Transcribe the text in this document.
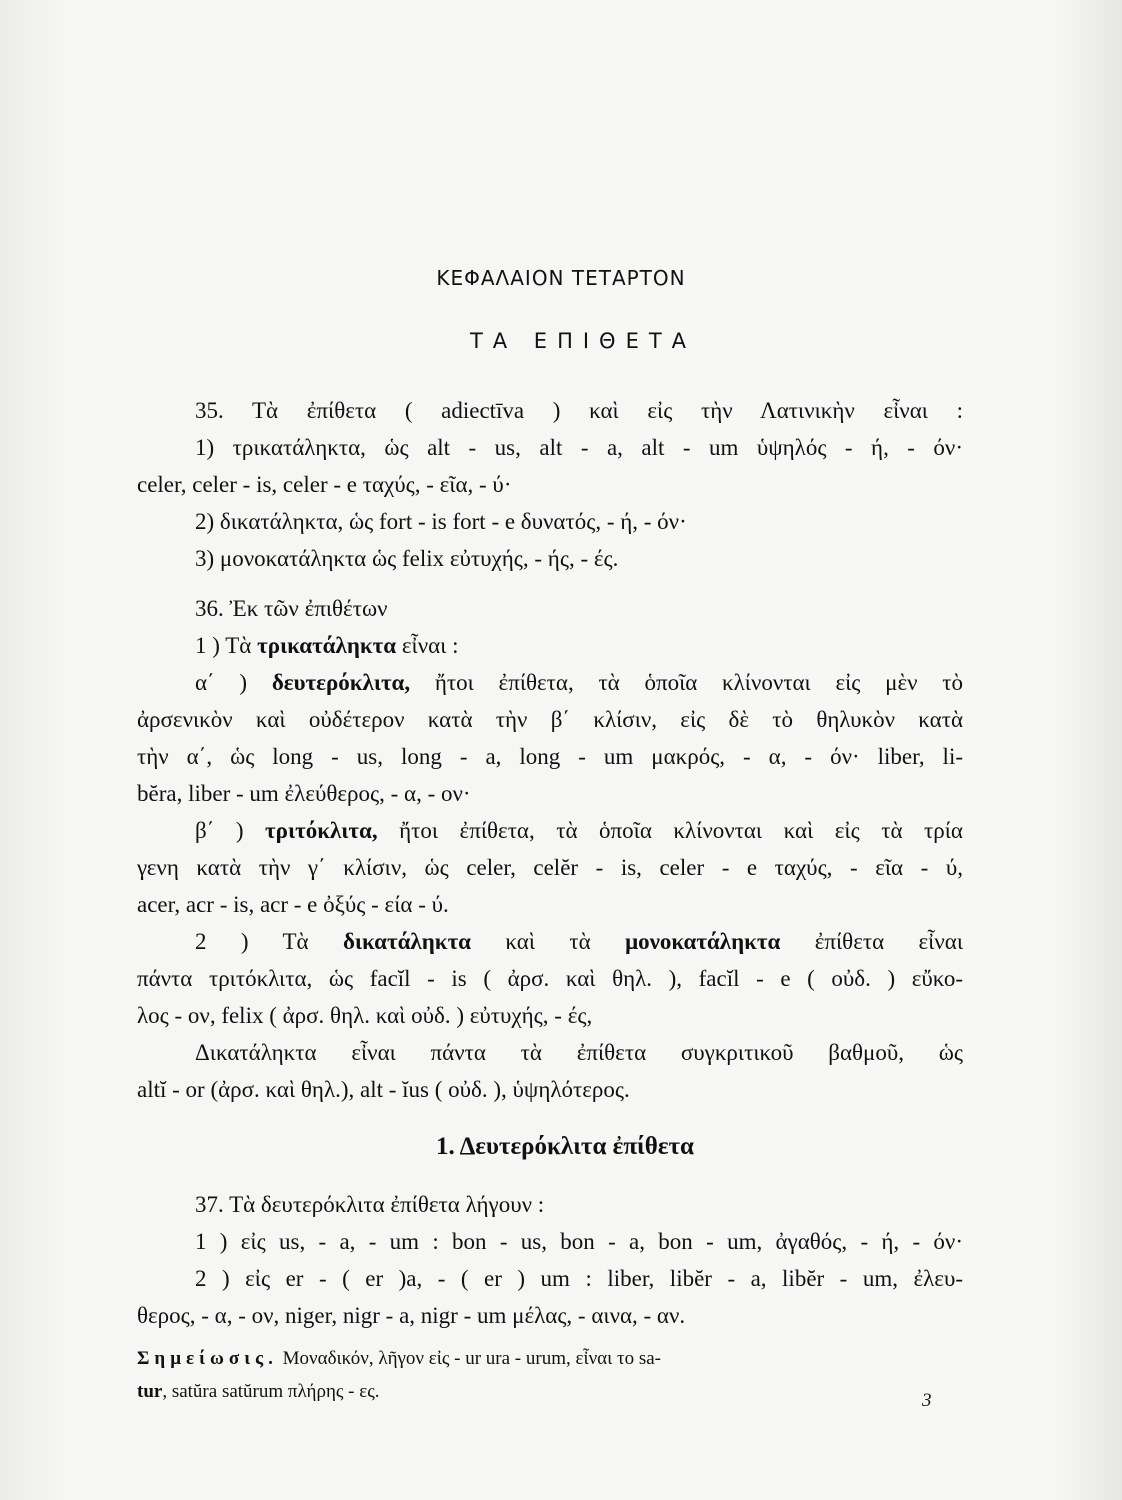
ΚΕΦΑΛΑΙΟΝ ΤΕΤΑΡΤΟΝ
ΤΑ ΕΠΙΘΕΤΑ
35. Τὰ ἐπίθετα ( adiectīva ) καὶ εἰς τὴν Λατινικὴν εἶναι :
1) τρικατάληκτα, ὡς alt - us, alt - a, alt - um ὑψηλός - ή, - όν·
celer, celer - is, celer - e ταχύς, - εῖα, - ύ·
2) δικατάληκτα, ὡς fort - is fort - e δυνατός, - ή, - όν·
3) μονοκατάληκτα ὡς felix εὐτυχής, - ής, - ές.
36. Ἐκ τῶν ἐπιθέτων
1 ) Τὰ τρικατάληκτα εἶναι :
α΄ ) δευτερόκλιτα, ἤτοι ἐπίθετα, τὰ ὁποῖα κλίνονται εἰς μὲν τὸ
ἀρσενικὸν καὶ οὐδέτερον κατὰ τὴν β΄ κλίσιν, εἰς δὲ τὸ θηλυκὸν κατὰ
τὴν α΄, ὡς long - us, long - a, long - um μακρός, - α, - όν· liber, li-
bĕra, liber - um ἐλεύθερος, - α, - ον·
β΄ ) τριτόκλιτα, ἤτοι ἐπίθετα, τὰ ὁποῖα κλίνονται καὶ εἰς τὰ τρία
γενη κατὰ τὴν γ΄ κλίσιν, ὡς celer, celĕr - is, celer - e ταχύς, - εῖα - ύ,
acer, acr - is, acr - e ὀξύς - εία - ύ.
2 ) Τὰ δικατάληκτα καὶ τὰ μονοκατάληκτα ἐπίθετα εἶναι
πάντα τριτόκλιτα, ὡς facĭl - is ( ἀρσ. καὶ θηλ. ), facĭl - e ( οὐδ. ) εὔκο-
λος - ον, felix ( ἀρσ. θηλ. καὶ οὐδ. ) εὐτυχής, - ές,
Δικατάληκτα εἶναι πάντα τὰ ἐπίθετα συγκριτικοῦ βαθμοῦ, ὡς
altĭ - or (ἀρσ. καὶ θηλ.), alt - ĭus ( οὐδ. ), ὑψηλότερος.
1. Δευτερόκλιτα ἐπίθετα
37. Τὰ δευτερόκλιτα ἐπίθετα λήγουν :
1 ) εἰς us, - a, - um : bon - us, bon - a, bon - um, ἀγαθός, - ή, - όν·
2 ) εἰς er - ( er )a, - ( er ) um : liber, libĕr - a, libĕr - um, ἐλευ-
θερος, - α, - ον, niger, nigr - a, nigr - um μέλας, - αινα, - αν.
Σημείωσις. Μοναδικόν, λῆγον εἰς - ur ura - urum, εἶναι το sa-
tur, satŭra satŭrum πλήρης - ες.	3
